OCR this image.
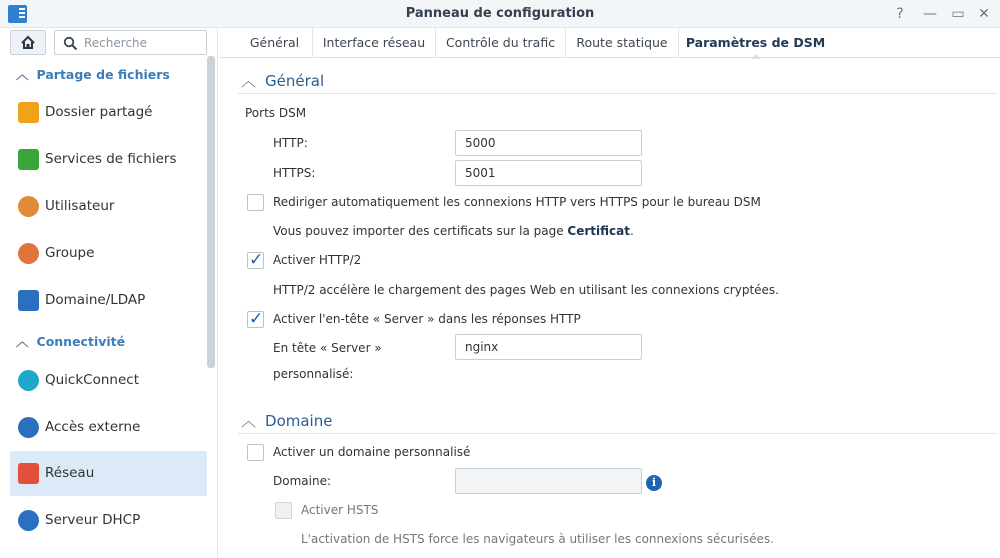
Panneau de configuration	?	— ▭ ✕
Recherche
︿ Partage de fichiers
Dossier partagé
Services de fichiers
Utilisateur
Groupe
Domaine/LDAP
︿ Connectivité
QuickConnect
Accès externe
Réseau
Serveur DHCP
Général	Interface réseau	Contrôle du trafic	Route statique	Paramètres de DSM
︿ Général
Ports DSM
HTTP:	5000
HTTPS:	5001
Rediriger automatiquement les connexions HTTP vers HTTPS pour le bureau DSM
Vous pouvez importer des certificats sur la page Certificat.
✓ Activer HTTP/2
HTTP/2 accélère le chargement des pages Web en utilisant les connexions cryptées.
✓ Activer l'en-tête « Server » dans les réponses HTTP
En tête « Server »
personnalisé:
nginx
︿ Domaine
Activer un domaine personnalisé
Domaine:	i
Activer HSTS
L'activation de HSTS force les navigateurs à utiliser les connexions sécurisées.
